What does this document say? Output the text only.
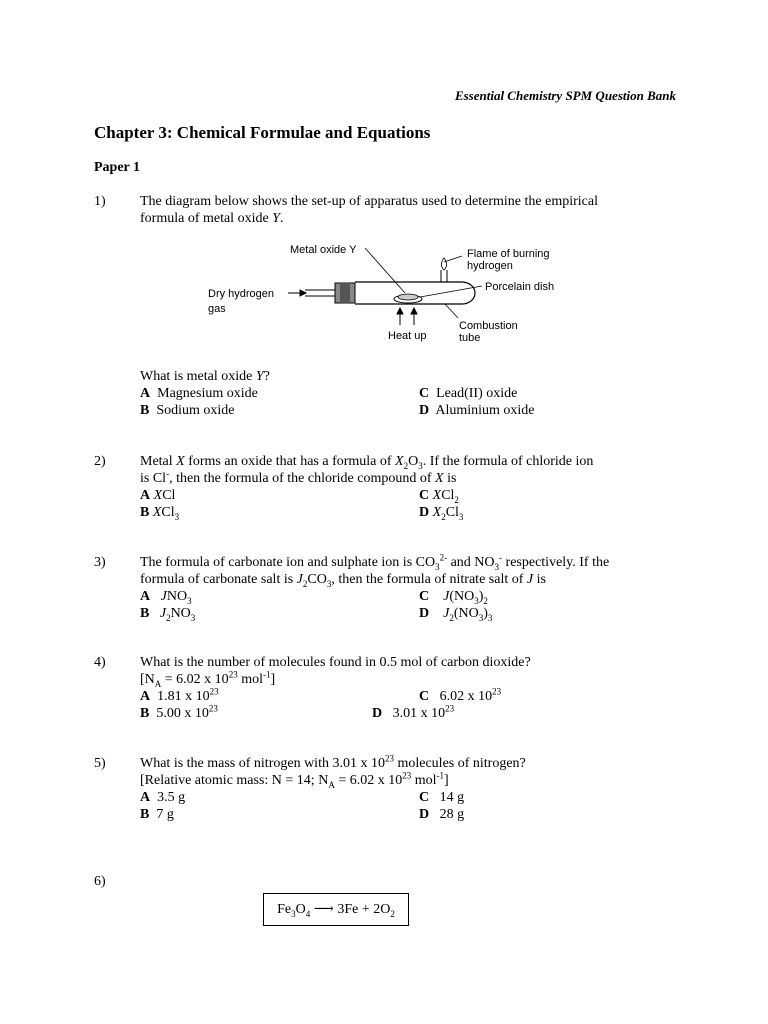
Essential Chemistry SPM Question Bank
Chapter 3: Chemical Formulae and Equations
Paper 1
1) The diagram below shows the set-up of apparatus used to determine the empirical
formula of metal oxide Y.
Metal oxide Y	Flame of burning
hydrogen
Dry hydrogen
gas
Porcelain dish
Combustion
tube
Heat up
What is metal oxide Y?
A Magnesium oxide
B Sodium oxide
C Lead(II) oxide
D Aluminium oxide
2) Metal X forms an oxide that has a formula of $X_2O_3$. If the formula of chloride ion
is Cl-, then the formula of the chloride compound of X is
A XCl
B XCl$_3$
C XCl$_2$
D $X_2Cl_3$
3) The formula of carbonate ion and sulphate ion is $CO_3^{2-}$ and $NO_3^-$ respectively. If the
formula of carbonate salt is $J_2CO_3$, then the formula of nitrate salt of J is
A $JNO_3$
B $J_2NO_3$
C $J(NO_3)_2$
D $J_2(NO_3)_3$
4) What is the number of molecules found in 0.5 mol of carbon dioxide?
[$N_A = 6.02$ x $10^{23}$ mol$^{-1}$]
A 1.81 x $10^{23}$
B 5.00 x $10^{23}$
C 6.02 x $10^{23}$
D 3.01 x $10^{23}$
5) What is the mass of nitrogen with 3.01 x $10^{23}$ molecules of nitrogen?
[Relative atomic mass: N = 14; $N_A = 6.02$ x $10^{23}$ mol$^{-1}$]
A 3.5 g
B 7 g
C 14 g
D 28 g
6)
$Fe_3O_4$ ⟶ $3Fe + 2O_2$
